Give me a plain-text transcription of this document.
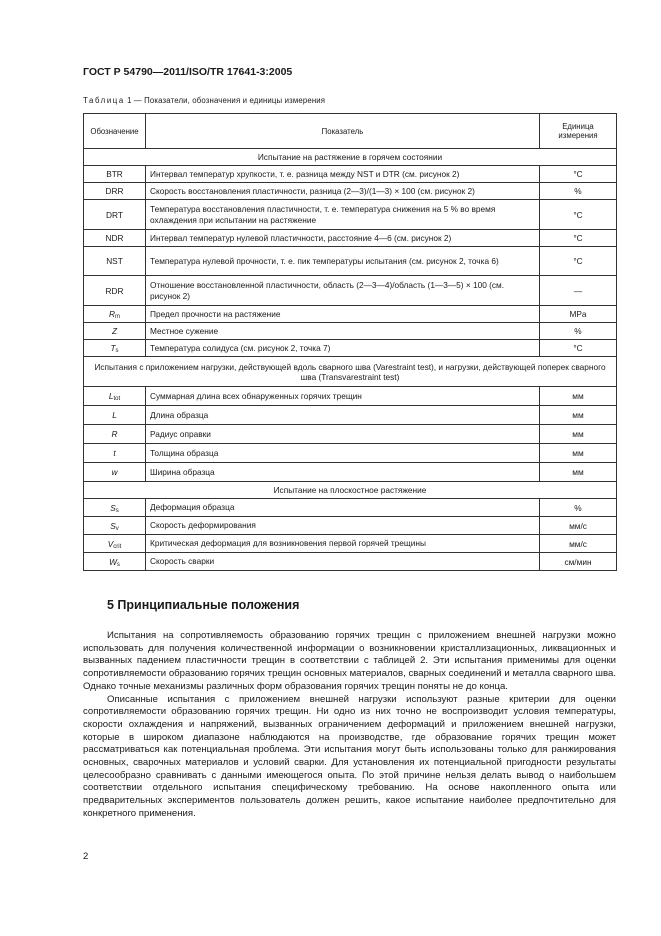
ГОСТ Р 54790—2011/ISO/TR 17641-3:2005
Таблица 1 — Показатели, обозначения и единицы измерения
Обозначение	Показатель	Единица измерения
Испытание на растяжение в горячем состоянии		
BTR	Интервал температур хрупкости, т. е. разница между NST и DTR (см. рисунок 2)	°C
DRR	Скорость восстановления пластичности, разница (2—3)/(1—3) × 100 (см. рисунок 2)	%
DRT	Температура восстановления пластичности, т. е. температура снижения на 5 % во время охлаждения при испытании на растяжение	°C
NDR	Интервал температур нулевой пластичности, расстояние 4—6 (см. рисунок 2)	°C
NST	Температура нулевой прочности, т. е. пик температуры испытания (см. рисунок 2, точка 6)	°C
RDR	Отношение восстановленной пластичности, область (2—3—4)/область (1—3—5) × 100 (см. рисунок 2)	—
$R_m$	Предел прочности на растяжение	MPa
Z	Местное сужение	%
$T_s$	Температура солидуса (см. рисунок 2, точка 7)	°C
Испытания с приложением нагрузки, действующей вдоль сварного шва (Varestraint test), и нагрузки, действующей поперек сварного шва (Transvarestraint test)		
$L_{tot}$	Суммарная длина всех обнаруженных горячих трещин	мм
L	Длина образца	мм
R	Радиус оправки	мм
t	Толщина образца	мм
w	Ширина образца	мм
Испытание на плоскостное растяжение		
$S_s$	Деформация образца	%
$S_v$	Скорость деформирования	мм/с
$V_{crit}$	Критическая деформация для возникновения первой горячей трещины	мм/с
$W_s$	Скорость сварки	см/мин
5 Принципиальные положения

Испытания на сопротивляемость образованию горячих трещин с приложением внешней нагрузки можно использовать для получения количественной информации о возникновении кристаллизационных, ликвационных и вызванных падением пластичности трещин в соответствии с таблицей 2. Эти испытания применимы для оценки сопротивляемости образованию горячих трещин основных материалов, сварных соединений и металла сварного шва. Однако точные механизмы различных форм образования горячих трещин поняты не до конца.

Описанные испытания с приложением внешней нагрузки используют разные критерии для оценки сопротивляемости образованию горячих трещин. Ни одно из них точно не воспроизводит условия температуры, скорости охлаждения и напряжений, вызванных ограничением деформаций и приложением внешней нагрузки, которые в широком диапазоне наблюдаются на производстве, где образование горячих трещин может рассматриваться как потенциальная проблема. Эти испытания могут быть использованы только для ранжирования основных, сварочных материалов и условий сварки. Для установления их потенциальной пригодности результаты целесообразно сравнивать с данными имеющегося опыта. По этой причине нельзя делать вывод о наибольшем соответствии отдельного испытания специфическому требованию. На основе накопленного опыта или предварительных экспериментов пользователь должен решить, какое испытание наиболее предпочтительно для конкретного применения.

2
